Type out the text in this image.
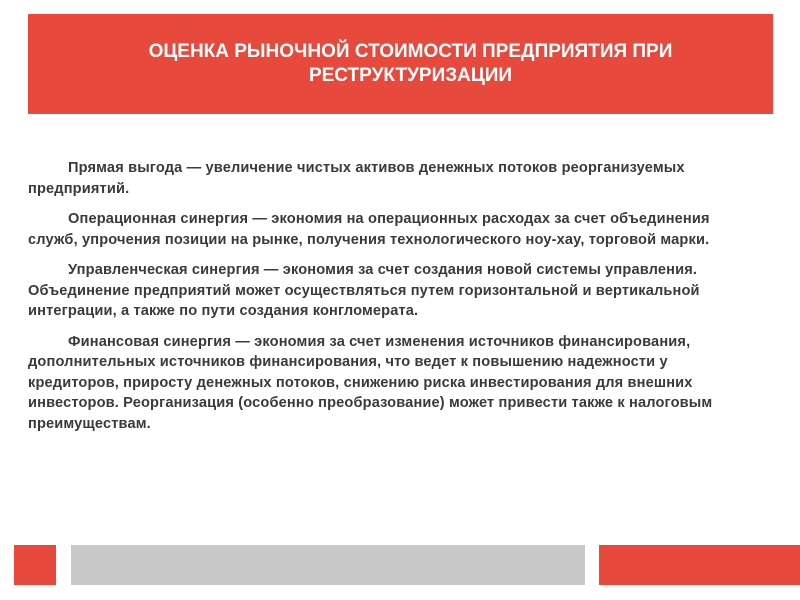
ОЦЕНКА РЫНОЧНОЙ СТОИМОСТИ ПРЕДПРИЯТИЯ ПРИ РЕСТРУКТУРИЗАЦИИ

Прямая выгода — увеличение чистых активов денежных потоков реорганизуемых предприятий.

Операционная синергия — экономия на операционных расходах за счет объединения служб, упрочения позиции на рынке, получения технологического ноу-хау, торговой марки.

Управленческая синергия — экономия за счет создания новой системы управления. Объединение предприятий может осуществляться путем горизонтальной и вертикальной интеграции, а также по пути создания конгломерата.

Финансовая синергия — экономия за счет изменения источников финансирования, дополнительных источников финансирования, что ведет к повышению надежности у кредиторов, приросту денежных потоков, снижению риска инвестирования для внешних инвесторов. Реорганизация (особенно преобразование) может привести также к налоговым преимуществам.
